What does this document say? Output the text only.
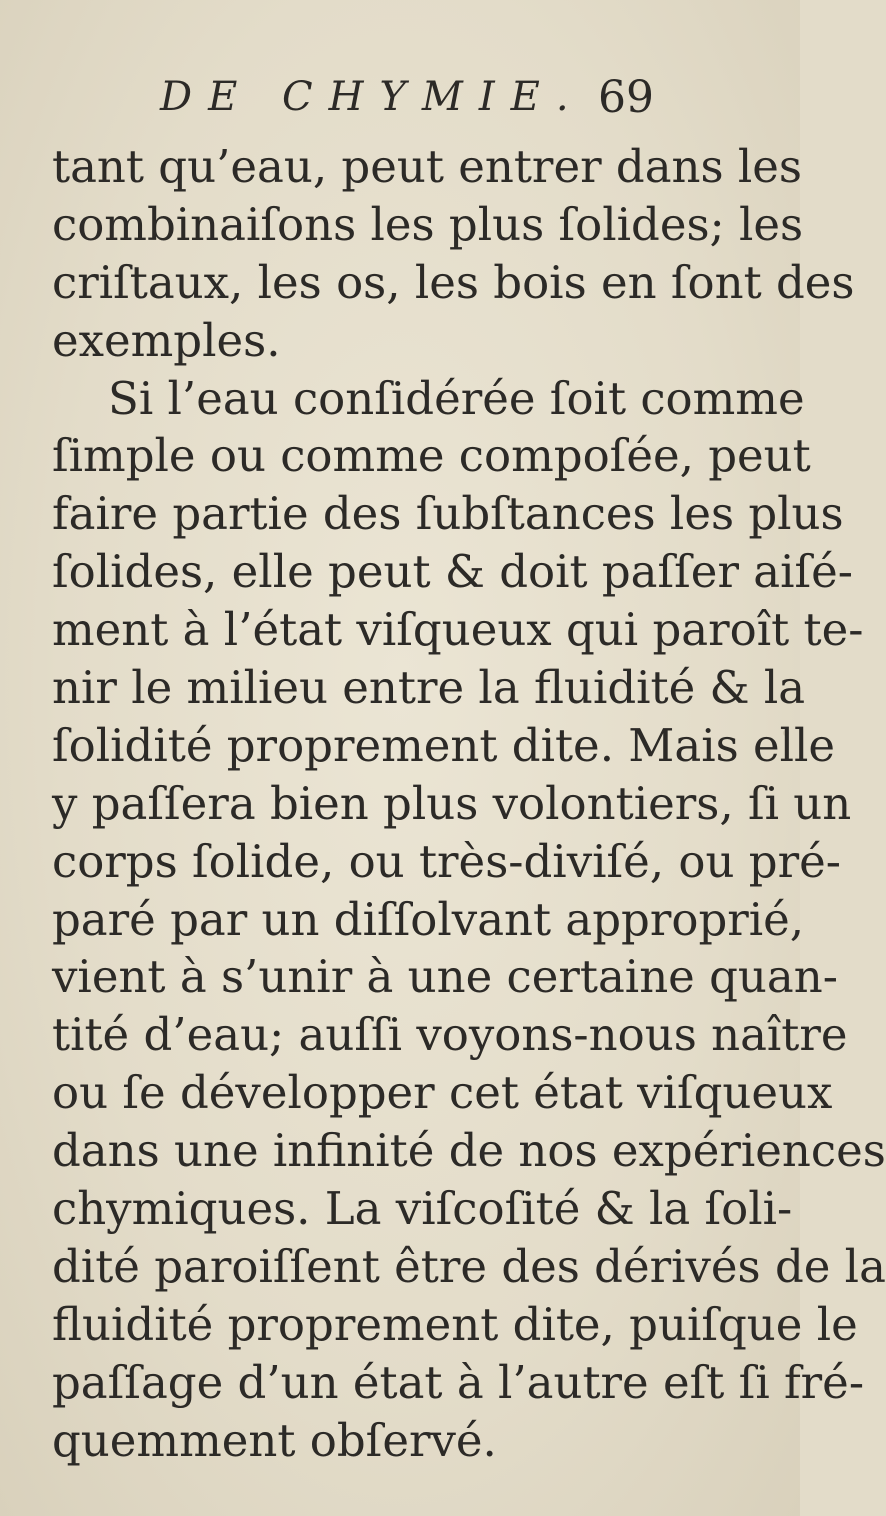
DE CHYMIE. 69
tant qu’eau, peut entrer dans les
combinaiſons les plus ſolides; les
criſtaux, les os, les bois en ſont des
exemples.
Si l’eau conſidérée ſoit comme
ſimple ou comme compoſée, peut
faire partie des ſubſtances les plus
ſolides, elle peut & doit paſſer aiſé-
ment à l’état viſqueux qui paroît te-
nir le milieu entre la fluidité & la
ſolidité proprement dite. Mais elle
y paſſera bien plus volontiers, ſi un
corps ſolide, ou très-diviſé, ou pré-
paré par un diſſolvant approprié,
vient à s’unir à une certaine quan-
tité d’eau; auſſi voyons-nous naître
ou ſe développer cet état viſqueux
dans une infinité de nos expériences
chymiques. La viſcoſité & la ſoli-
dité paroiſſent être des dérivés de la
fluidité proprement dite, puiſque le
paſſage d’un état à l’autre eſt ſi fré-
quemment obſervé.
